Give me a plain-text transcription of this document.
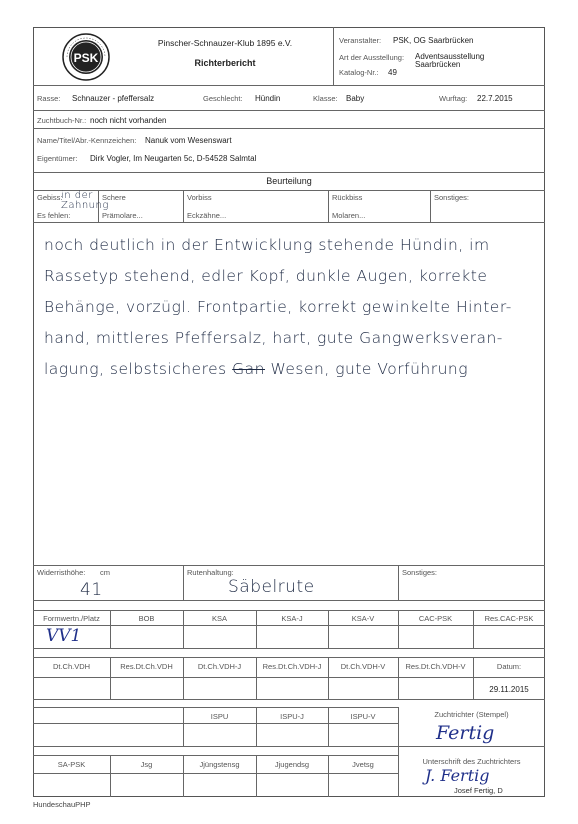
PSK
Pinscher-Schnauzer-Klub 1895 e.V.
Richterbericht
Veranstalter: PSK, OG Saarbrücken
Art der Ausstellung: Adventsausstellung
Saarbrücken
Katalog-Nr.: 49
Rasse: Schnauzer - pfeffersalz	Geschlecht: Hündin	Klasse: Baby	Wurftag: 22.7.2015
Zuchtbuch-Nr.: noch nicht vorhanden
Name/Titel/Abr.-Kennzeichen: Nanuk vom Wesenswart
Eigentümer: Dirk Vogler, Im Neugarten 5c, D-54528 Salmtal
Beurteilung
Gebiss:
in der Zahnung
Es fehlen:
Schere
Prämolare...
Vorbiss
Eckzähne...
Rückbiss
Molaren...
Sonstiges:
noch deutlich in der Entwicklung stehende Hündin, im
Rassetyp stehend, edler Kopf, dunkle Augen, korrekte
Behänge, vorzügl. Frontpartie, korrekt gewinkelte Hinter-
hand, mittleres Pfeffersalz, hart, gute Gangwerksveran-
lagung, selbstsicheres Gan Wesen, gute Vorführung
Widerristhöhe: cm
41
Rutenhaltung:
Säbelrute
Sonstiges:
Formwertn./Platz	BOB	KSA	KSA-J	KSA-V	CAC-PSK	Res.CAC-PSK
VV1
Dt.Ch.VDH	Res.Dt.Ch.VDH	Dt.Ch.VDH-J	Res.Dt.Ch.VDH-J	Dt.Ch.VDH-V	Res.Dt.Ch.VDH-V	Datum:
29.11.2015
ISPU	ISPU-J	ISPU-V	Zuchtrichter (Stempel)
Fertig
SA-PSK	Jsg	Jjüngstensg	Jjugendsg	Jvetsg	Unterschrift des Zuchtrichters
J. Fertig
Josef Fertig, D
HundeschauPHP
